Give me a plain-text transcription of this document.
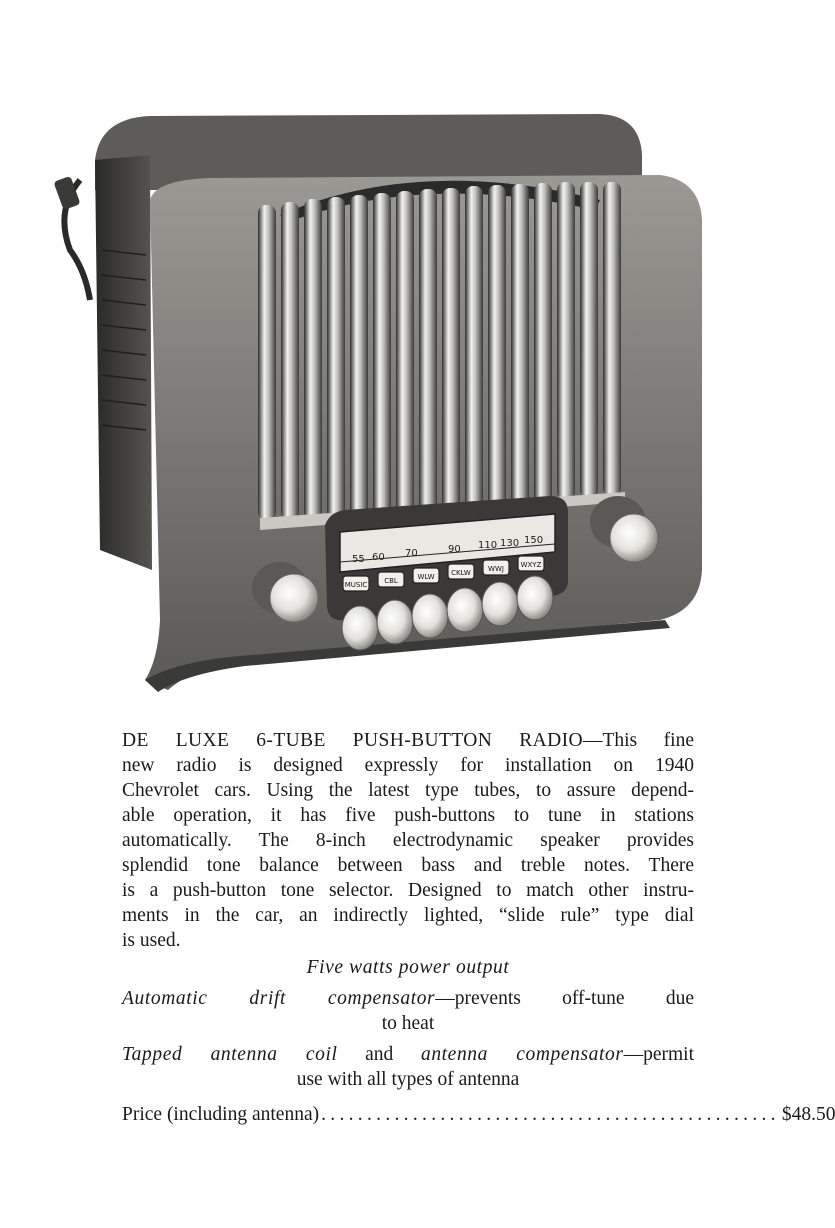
55 60 70	90 110 130 150
MUSIC CBL	WLW CKLW WWJ WXYZ

DE LUXE 6-TUBE PUSH-BUTTON RADIO—This fine
new radio is designed expressly for installation on 1940
Chevrolet cars. Using the latest type tubes, to assure depend-
able operation, it has five push-buttons to tune in stations
automatically. The 8-inch electrodynamic speaker provides
splendid tone balance between bass and treble notes. There
is a push-button tone selector. Designed to match other instru-
ments in the car, an indirectly lighted, “slide rule” type dial
is used.

Five watts power output

Automatic drift compensator—prevents off-tune due
to heat

Tapped antenna coil and antenna compensator—permit
use with all types of antenna

Price (including antenna) .................................................. $48.50
